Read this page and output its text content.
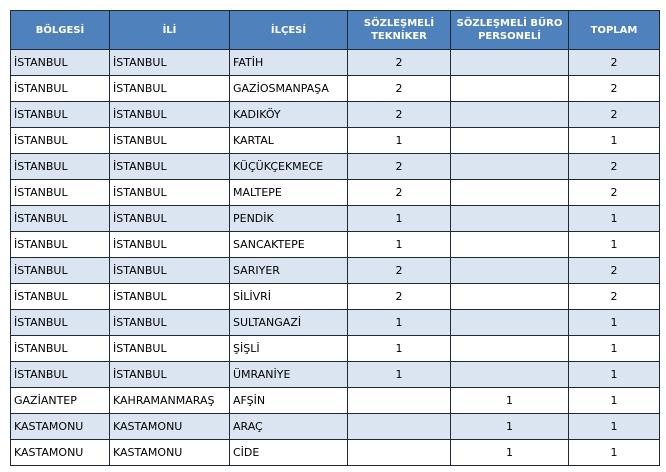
BÖLGESİ	İLİ	İLÇESİ	SÖZLEŞMELİ TEKNİKER	SÖZLEŞMELİ BÜRO PERSONELİ	TOPLAM
İSTANBUL	İSTANBUL	FATİH	2		2
İSTANBUL	İSTANBUL	GAZİOSMANPAŞA	2		2
İSTANBUL	İSTANBUL	KADIKÖY	2		2
İSTANBUL	İSTANBUL	KARTAL	1		1
İSTANBUL	İSTANBUL	KÜÇÜKÇEKMECE	2		2
İSTANBUL	İSTANBUL	MALTEPE	2		2
İSTANBUL	İSTANBUL	PENDİK	1		1
İSTANBUL	İSTANBUL	SANCAKTEPE	1		1
İSTANBUL	İSTANBUL	SARIYER	2		2
İSTANBUL	İSTANBUL	SİLİVRİ	2		2
İSTANBUL	İSTANBUL	SULTANGAZİ	1		1
İSTANBUL	İSTANBUL	ŞİŞLİ	1		1
İSTANBUL	İSTANBUL	ÜMRANİYE	1		1
GAZİANTEP	KAHRAMANMARAŞ	AFŞİN		1	1
KASTAMONU	KASTAMONU	ARAÇ		1	1
KASTAMONU	KASTAMONU	CİDE		1	1
